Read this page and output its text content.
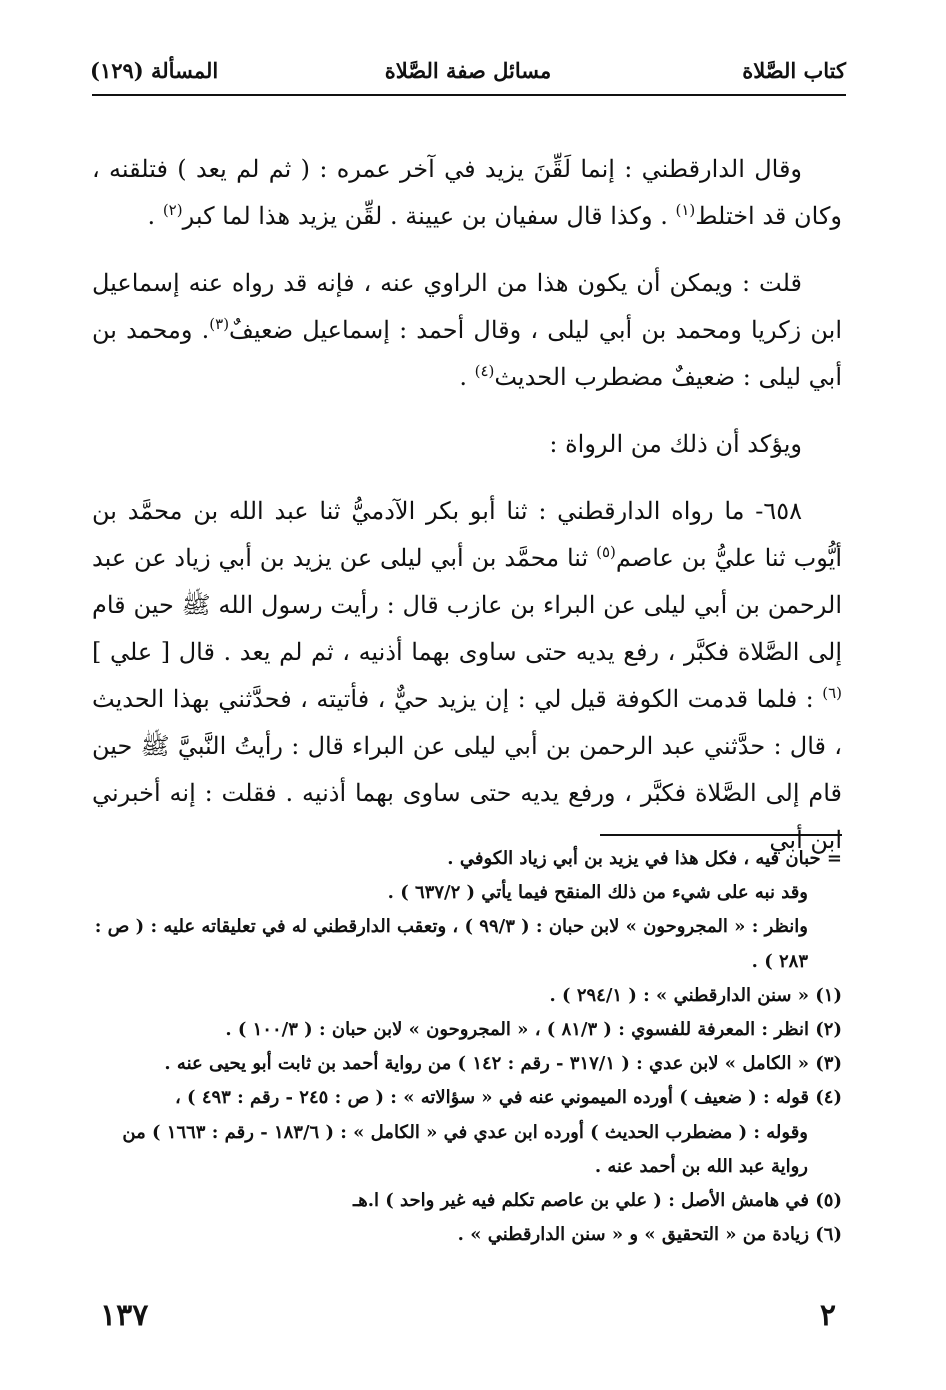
كتاب الصَّلاة
مسائل صفة الصَّلاة
المسألة (١٢٩)

وقال الدارقطني : إنما لَقِّنَ يزيد في آخر عمره : ( ثم لم يعد ) فتلقنه ، وكان قد اختلط$^{(١)}$ . وكذا قال سفيان بن عيينة . لقِّن يزيد هذا لما كبر$^{(٢)}$ .

قلت : ويمكن أن يكون هذا من الراوي عنه ، فإنه قد رواه عنه إسماعيل ابن زكريا ومحمد بن أبي ليلى ، وقال أحمد : إسماعيل ضعيفٌ$^{(٣)}$. ومحمد بن أبي ليلى : ضعيفٌ مضطرب الحديث$^{(٤)}$ .

ويؤكد أن ذلك من الرواة :

٦٥٨- ما رواه الدارقطني : ثنا أبو بكر الآدميُّ ثنا عبد الله بن محمَّد بن أيُّوب ثنا عليُّ بن عاصم$^{(٥)}$ ثنا محمَّد بن أبي ليلى عن يزيد بن أبي زياد عن عبد الرحمن بن أبي ليلى عن البراء بن عازب قال : رأيت رسول الله ﷺ حين قام إلى الصَّلاة فكبَّر ، رفع يديه حتى ساوى بهما أذنيه ، ثم لم يعد . قال [ علي ]$^{(٦)}$ : فلما قدمت الكوفة قيل لي : إن يزيد حيٌّ ، فأتيته ، فحدَّثني بهذا الحديث ، قال : حدَّثني عبد الرحمن بن أبي ليلى عن البراء قال : رأيتُ النَّبيَّ ﷺ حين قام إلى الصَّلاة فكبَّر ، ورفع يديه حتى ساوى بهما أذنيه . فقلت : إنه أخبرني ابن أبي

= حبان فيه ، فكل هذا في يزيد بن أبي زياد الكوفي .

وقد نبه على شيء من ذلك المنقح فيما يأتي ( ٦٣٧/٢ ) .

وانظر : « المجروحون » لابن حبان : ( ٩٩/٣ ) ، وتعقب الدارقطني له في تعليقاته عليه : ( ص : ٢٨٣ ) .

(١) « سنن الدارقطني » : ( ٢٩٤/١ ) .

(٢) انظر : المعرفة للفسوي : ( ٨١/٣ ) ، « المجروحون » لابن حبان : ( ١٠٠/٣ ) .

(٣) « الكامل » لابن عدي : ( ٣١٧/١ - رقم : ١٤٢ ) من رواية أحمد بن ثابت أبو يحيى عنه .

(٤) قوله : ( ضعيف ) أورده الميموني عنه في « سؤالاته » : ( ص : ٢٤٥ - رقم : ٤٩٣ ) ،

وقوله : ( مضطرب الحديث ) أورده ابن عدي في « الكامل » : ( ١٨٣/٦ - رقم : ١٦٦٣ ) من رواية عبد الله بن أحمد عنه .

(٥) في هامش الأصل : ( علي بن عاصم تكلم فيه غير واحد ) ا.هـ

(٦) زيادة من « التحقيق » و « سنن الدارقطني » .

٢
١٣٧
